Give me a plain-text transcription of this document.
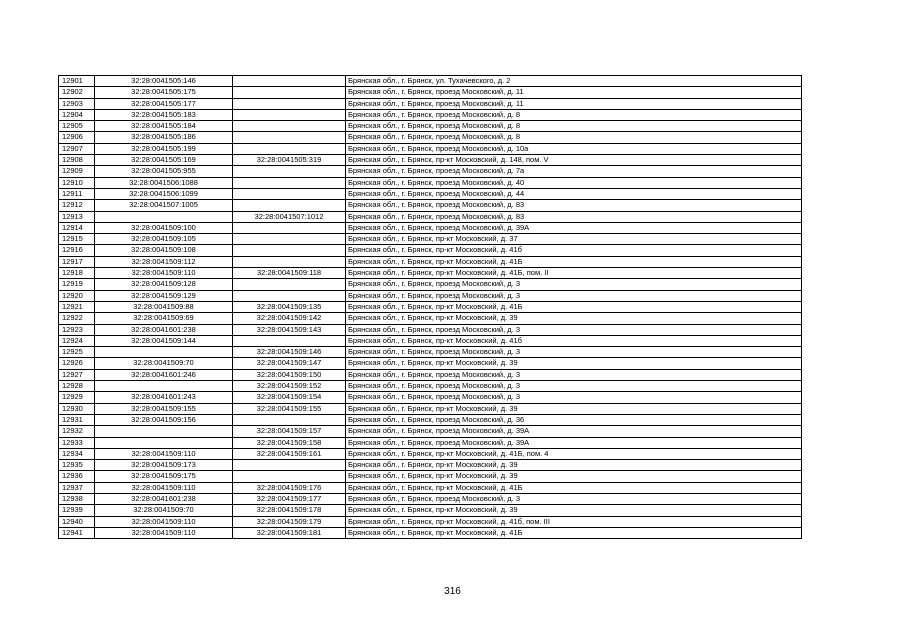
12901	32:28:0041505:146		Брянская обл., г. Брянск, ул. Тухачевского, д. 2
12902	32:28:0041505:175		Брянская обл., г. Брянск, проезд Московский, д. 11
12903	32:28:0041505:177		Брянская обл., г. Брянск, проезд Московский, д. 11
12904	32:28:0041505:183		Брянская обл., г. Брянск, проезд Московский, д. 8
12905	32:28:0041505:184		Брянская обл., г. Брянск, проезд Московский, д. 8
12906	32:28:0041505:186		Брянская обл., г. Брянск, проезд Московский, д. 8
12907	32:28:0041505:199		Брянская обл., г. Брянск, проезд Московский, д. 10а
12908	32:28:0041505:169	32:28:0041505:319	Брянская обл., г. Брянск, пр-кт Московский, д. 148, пом. V
12909	32:28:0041505:955		Брянская обл., г. Брянск, проезд Московский, д. 7а
12910	32:28:0041506:1088		Брянская обл., г. Брянск, проезд Московский, д. 40
12911	32:28:0041506:1099		Брянская обл., г. Брянск, проезд Московский, д. 44
12912	32:28:0041507:1005		Брянская обл., г. Брянск, проезд Московский, д. 83
12913		32:28:0041507:1012	Брянская обл., г. Брянск, проезд Московский, д. 83
12914	32:28:0041509:100		Брянская обл., г. Брянск, проезд Московский, д. 39А
12915	32:28:0041509:105		Брянская обл., г. Брянск, пр-кт Московский, д. 37
12916	32:28:0041509:108		Брянская обл., г. Брянск, пр-кт Московский, д. 41б
12917	32:28:0041509:112		Брянская обл., г. Брянск, пр-кт Московский, д. 41Б
12918	32:28:0041509:110	32:28:0041509:118	Брянская обл., г. Брянск, пр-кт Московский, д. 41Б, пом. II
12919	32:28:0041509:128		Брянская обл., г. Брянск, проезд Московский, д. 3
12920	32:28:0041509:129		Брянская обл., г. Брянск, проезд Московский, д. 3
12921	32:28:0041509:88	32:28:0041509:135	Брянская обл., г. Брянск, пр-кт Московский, д. 41Б
12922	32:28:0041509:69	32:28:0041509:142	Брянская обл., г. Брянск, пр-кт Московский, д. 39
12923	32:28:0041601:238	32:28:0041509:143	Брянская обл., г. Брянск, проезд Московский, д. 3
12924	32:28:0041509:144		Брянская обл., г. Брянск, пр-кт Московский, д. 41б
12925		32:28:0041509:146	Брянская обл., г. Брянск, проезд Московский, д. 3
12926	32:28:0041509:70	32:28:0041509:147	Брянская обл., г. Брянск, пр-кт Московский, д. 39
12927	32:28:0041601:246	32:28:0041509:150	Брянская обл., г. Брянск, проезд Московский, д. 3
12928		32:28:0041509:152	Брянская обл., г. Брянск, проезд Московский, д. 3
12929	32:28:0041601:243	32:28:0041509:154	Брянская обл., г. Брянск, проезд Московский, д. 3
12930	32:28:0041509:155	32:28:0041509:155	Брянская обл., г. Брянск, пр-кт Московский, д. 39
12931	32:28:0041509:156		Брянская обл., г. Брянск, проезд Московский, д. 36
12932		32:28:0041509:157	Брянская обл., г. Брянск, проезд Московский, д. 39А
12933		32:28:0041509:158	Брянская обл., г. Брянск, проезд Московский, д. 39А
12934	32:28:0041509:110	32:28:0041509:161	Брянская обл., г. Брянск, пр-кт Московский, д. 41Б, пом. 4
12935	32:28:0041509:173		Брянская обл., г. Брянск, пр-кт Московский, д. 39
12936	32:28:0041509:175		Брянская обл., г. Брянск, пр-кт Московский, д. 39
12937	32:28:0041509:110	32:28:0041509:176	Брянская обл., г. Брянск, пр-кт Московский, д. 41Б
12938	32:28:0041601:238	32:28:0041509:177	Брянская обл., г. Брянск, проезд Московский, д. 3
12939	32:28:0041509:70	32:28:0041509:178	Брянская обл., г. Брянск, пр-кт Московский, д. 39
12940	32:28:0041509:110	32:28:0041509:179	Брянская обл., г. Брянск, пр-кт Московский, д. 41б, пом. III
12941	32:28:0041509:110	32:28:0041509:181	Брянская обл., г. Брянск, пр-кт Московский, д. 41Б
316
